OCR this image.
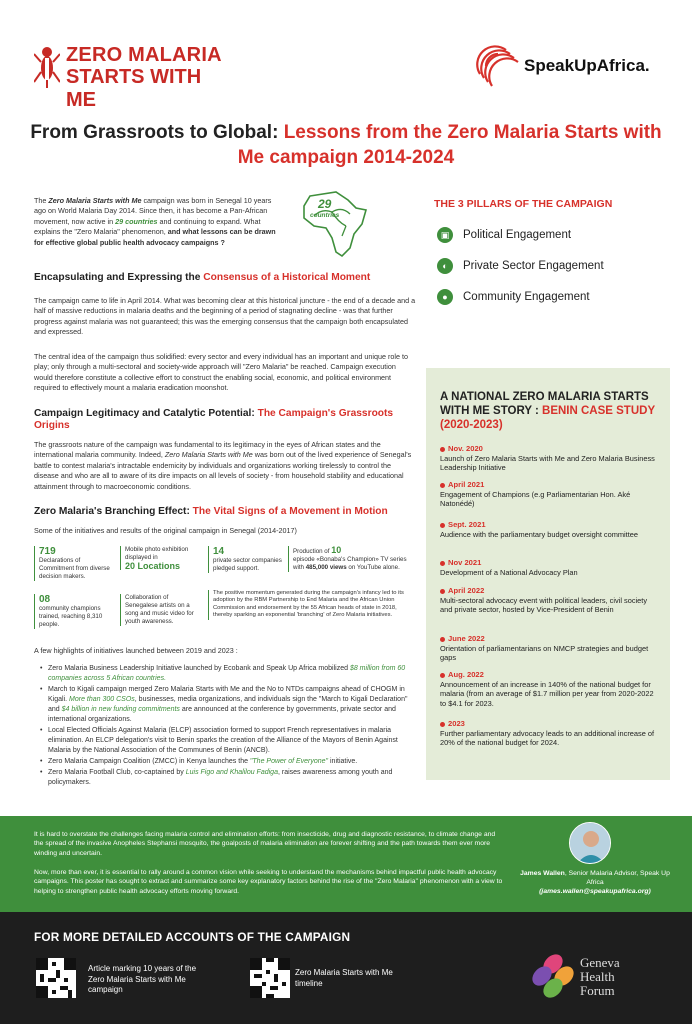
ZERO MALARIA
STARTS WITH ME
SpeakUpAfrica.
From Grassroots to Global: Lessons from the Zero Malaria Starts with Me campaign 2014-2024
The Zero Malaria Starts with Me campaign was born in Senegal 10 years ago on World Malaria Day 2014. Since then, it has become a Pan-African movement, now active in 29 countries and continuing to expand. What explains the "Zero Malaria" phenomenon, and what lessons can be drawn for effective global public health advocacy campaigns ?
29
countries
Encapsulating and Expressing the Consensus of a Historical Moment
The campaign came to life in April 2014. What was becoming clear at this historical juncture - the end of a decade and a half of massive reductions in malaria deaths and the beginning of a period of stagnating decline - was that further progress against malaria was not guaranteed; this was the emerging consensus that the campaign both encapsulated and expressed.
The central idea of the campaign thus solidified: every sector and every individual has an important and unique role to play; only through a multi-sectoral and society-wide approach will "Zero Malaria" be reached. Campaign execution would therefore constitute a collective effort to construct the enabling social, economic, and political environment required to effectively mount a malaria eradication moonshot.
Campaign Legitimacy and Catalytic Potential: The Campaign's Grassroots Origins
The grassroots nature of the campaign was fundamental to its legitimacy in the eyes of African states and the international malaria community. Indeed, Zero Malaria Starts with Me was born out of the lived experience of Senegal's battle to contest malaria's intractable endemicity by individuals and organizations working tirelessly to control the disease and who are all to aware of its dire impacts on all levels of society - from household stability and educational attainment through to macroeconomic conditions.
Zero Malaria's Branching Effect: The Vital Signs of a Movement in Motion
Some of the initiatives and results of the original campaign in Senegal (2014-2017)
719
Declarations of Commitment from diverse decision makers.
Mobile photo exhibition displayed in
20 Locations
14
private sector companies pledged support.
Production of 10
episode «Bonaba's Champion» TV series with 485,000 views on YouTube alone.
08
community champions trained, reaching 8,310 people.
Collaboration of Senegalese artists on a song and music video for youth awareness.
The positive momentum generated during the campaign's infancy led to its adoption by the RBM Partnership to End Malaria and the African Union Commission and endorsement by the 55 African heads of state in 2018, thereby sparking an exponential 'branching' of Zero Malaria initiatives.
A few highlights of initiatives launched between 2019 and 2023 :
• Zero Malaria Business Leadership Initiative launched by Ecobank and Speak Up Africa mobilized $8 million from 60 companies across 5 African countries.
• March to Kigali campaign merged Zero Malaria Starts with Me and the No to NTDs campaigns ahead of CHOGM in Kigali. More than 300 CSOs, businesses, media organizations, and individuals sign the "March to Kigali Declaration" and $4 billion in new funding commitments are announced at the conference by governments, private sector and international organizations.
• Local Elected Officials Against Malaria (ELCP) association formed to support French representatives in malaria elimination. An ELCP delegation's visit to Benin sparks the creation of the Alliance of the Mayors of Benin Against Malaria by the National Association of the Communes of Benin (ANCB).
• Zero Malaria Campaign Coalition (ZMCC) in Kenya launches the "The Power of Everyone" initiative.
• Zero Malaria Football Club, co-captained by Luis Figo and Khalilou Fadiga, raises awareness among youth and policymakers.
THE 3 PILLARS OF THE CAMPAIGN
▣	Political Engagement
◐	Private Sector Engagement
●	Community Engagement
A NATIONAL ZERO MALARIA STARTS WITH ME STORY : BENIN CASE STUDY (2020-2023)
Nov. 2020
Launch of Zero Malaria Starts with Me and Zero Malaria Business Leadership Initiative
April 2021
Engagement of Champions (e.g Parliamentarian Hon. Aké Natonédé)
Sept. 2021
Audience with the parliamentary budget oversight committee
Nov 2021
Development of a National Advocacy Plan
April 2022
Multi-sectoral advocacy event with political leaders, civil society and private sector, hosted by Vice-President of Benin
June 2022
Orientation of parliamentarians on NMCP strategies and budget gaps
Aug. 2022
Announcement of an increase in 140% of the national budget for malaria (from an average of $1.7 million per year from 2020-2022 to $4.1 for 2023.
2023
Further parliamentary advocacy leads to an additional increase of 20% of the national budget for 2024.
It is hard to overstate the challenges facing malaria control and elimination efforts: from insecticide, drug and diagnostic resistance, to climate change and the spread of the invasive Anopheles Stephansi mosquito, the goalposts of malaria elimination are forever shifting and the path towards them ever more winding and uncertain.
Now, more than ever, it is essential to rally around a common vision while seeking to understand the mechanisms behind impactful public health advocacy campaigns. This poster has sought to extract and summarize some key explanatory factors behind the rise of the "Zero Malaria" phenomenon with a view to helping to strengthen public health advocacy efforts moving forward.
James Wallen, Senior Malaria Advisor, Speak Up Africa
(james.wallen@speakupafrica.org)
FOR MORE DETAILED ACCOUNTS OF THE CAMPAIGN
Article marking 10 years of the Zero Malaria Starts with Me campaign
Zero Malaria Starts with Me timeline
Geneva
Health
Forum
